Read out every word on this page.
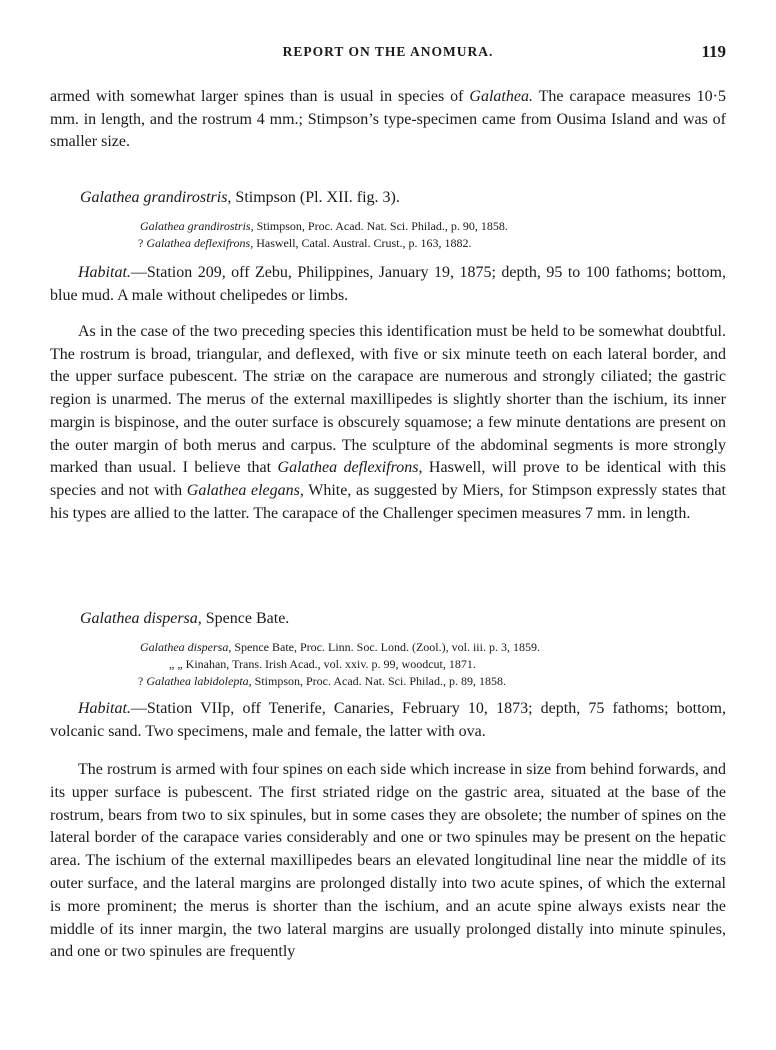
REPORT ON THE ANOMURA.	119

armed with somewhat larger spines than is usual in species of Galathea. The carapace measures 10·5 mm. in length, and the rostrum 4 mm.; Stimpson’s type-specimen came from Ousima Island and was of smaller size.

Galathea grandirostris, Stimpson (Pl. XII. fig. 3).

Galathea grandirostris, Stimpson, Proc. Acad. Nat. Sci. Philad., p. 90, 1858.

? Galathea deflexifrons, Haswell, Catal. Austral. Crust., p. 163, 1882.

Habitat.—Station 209, off Zebu, Philippines, January 19, 1875; depth, 95 to 100 fathoms; bottom, blue mud. A male without chelipedes or limbs.

As in the case of the two preceding species this identification must be held to be somewhat doubtful. The rostrum is broad, triangular, and deflexed, with five or six minute teeth on each lateral border, and the upper surface pubescent. The striæ on the carapace are numerous and strongly ciliated; the gastric region is unarmed. The merus of the external maxillipedes is slightly shorter than the ischium, its inner margin is bispinose, and the outer surface is obscurely squamose; a few minute dentations are present on the outer margin of both merus and carpus. The sculpture of the abdominal segments is more strongly marked than usual. I believe that Galathea deflexifrons, Haswell, will prove to be identical with this species and not with Galathea elegans, White, as suggested by Miers, for Stimpson expressly states that his types are allied to the latter. The carapace of the Challenger specimen measures 7 mm. in length.

Galathea dispersa, Spence Bate.

Galathea dispersa, Spence Bate, Proc. Linn. Soc. Lond. (Zool.), vol. iii. p. 3, 1859.

„ „ Kinahan, Trans. Irish Acad., vol. xxiv. p. 99, woodcut, 1871.

? Galathea labidolepta, Stimpson, Proc. Acad. Nat. Sci. Philad., p. 89, 1858.

Habitat.—Station VIIp, off Tenerife, Canaries, February 10, 1873; depth, 75 fathoms; bottom, volcanic sand. Two specimens, male and female, the latter with ova.

The rostrum is armed with four spines on each side which increase in size from behind forwards, and its upper surface is pubescent. The first striated ridge on the gastric area, situated at the base of the rostrum, bears from two to six spinules, but in some cases they are obsolete; the number of spines on the lateral border of the carapace varies considerably and one or two spinules may be present on the hepatic area. The ischium of the external maxillipedes bears an elevated longitudinal line near the middle of its outer surface, and the lateral margins are prolonged distally into two acute spines, of which the external is more prominent; the merus is shorter than the ischium, and an acute spine always exists near the middle of its inner margin, the two lateral margins are usually prolonged distally into minute spinules, and one or two spinules are frequently
